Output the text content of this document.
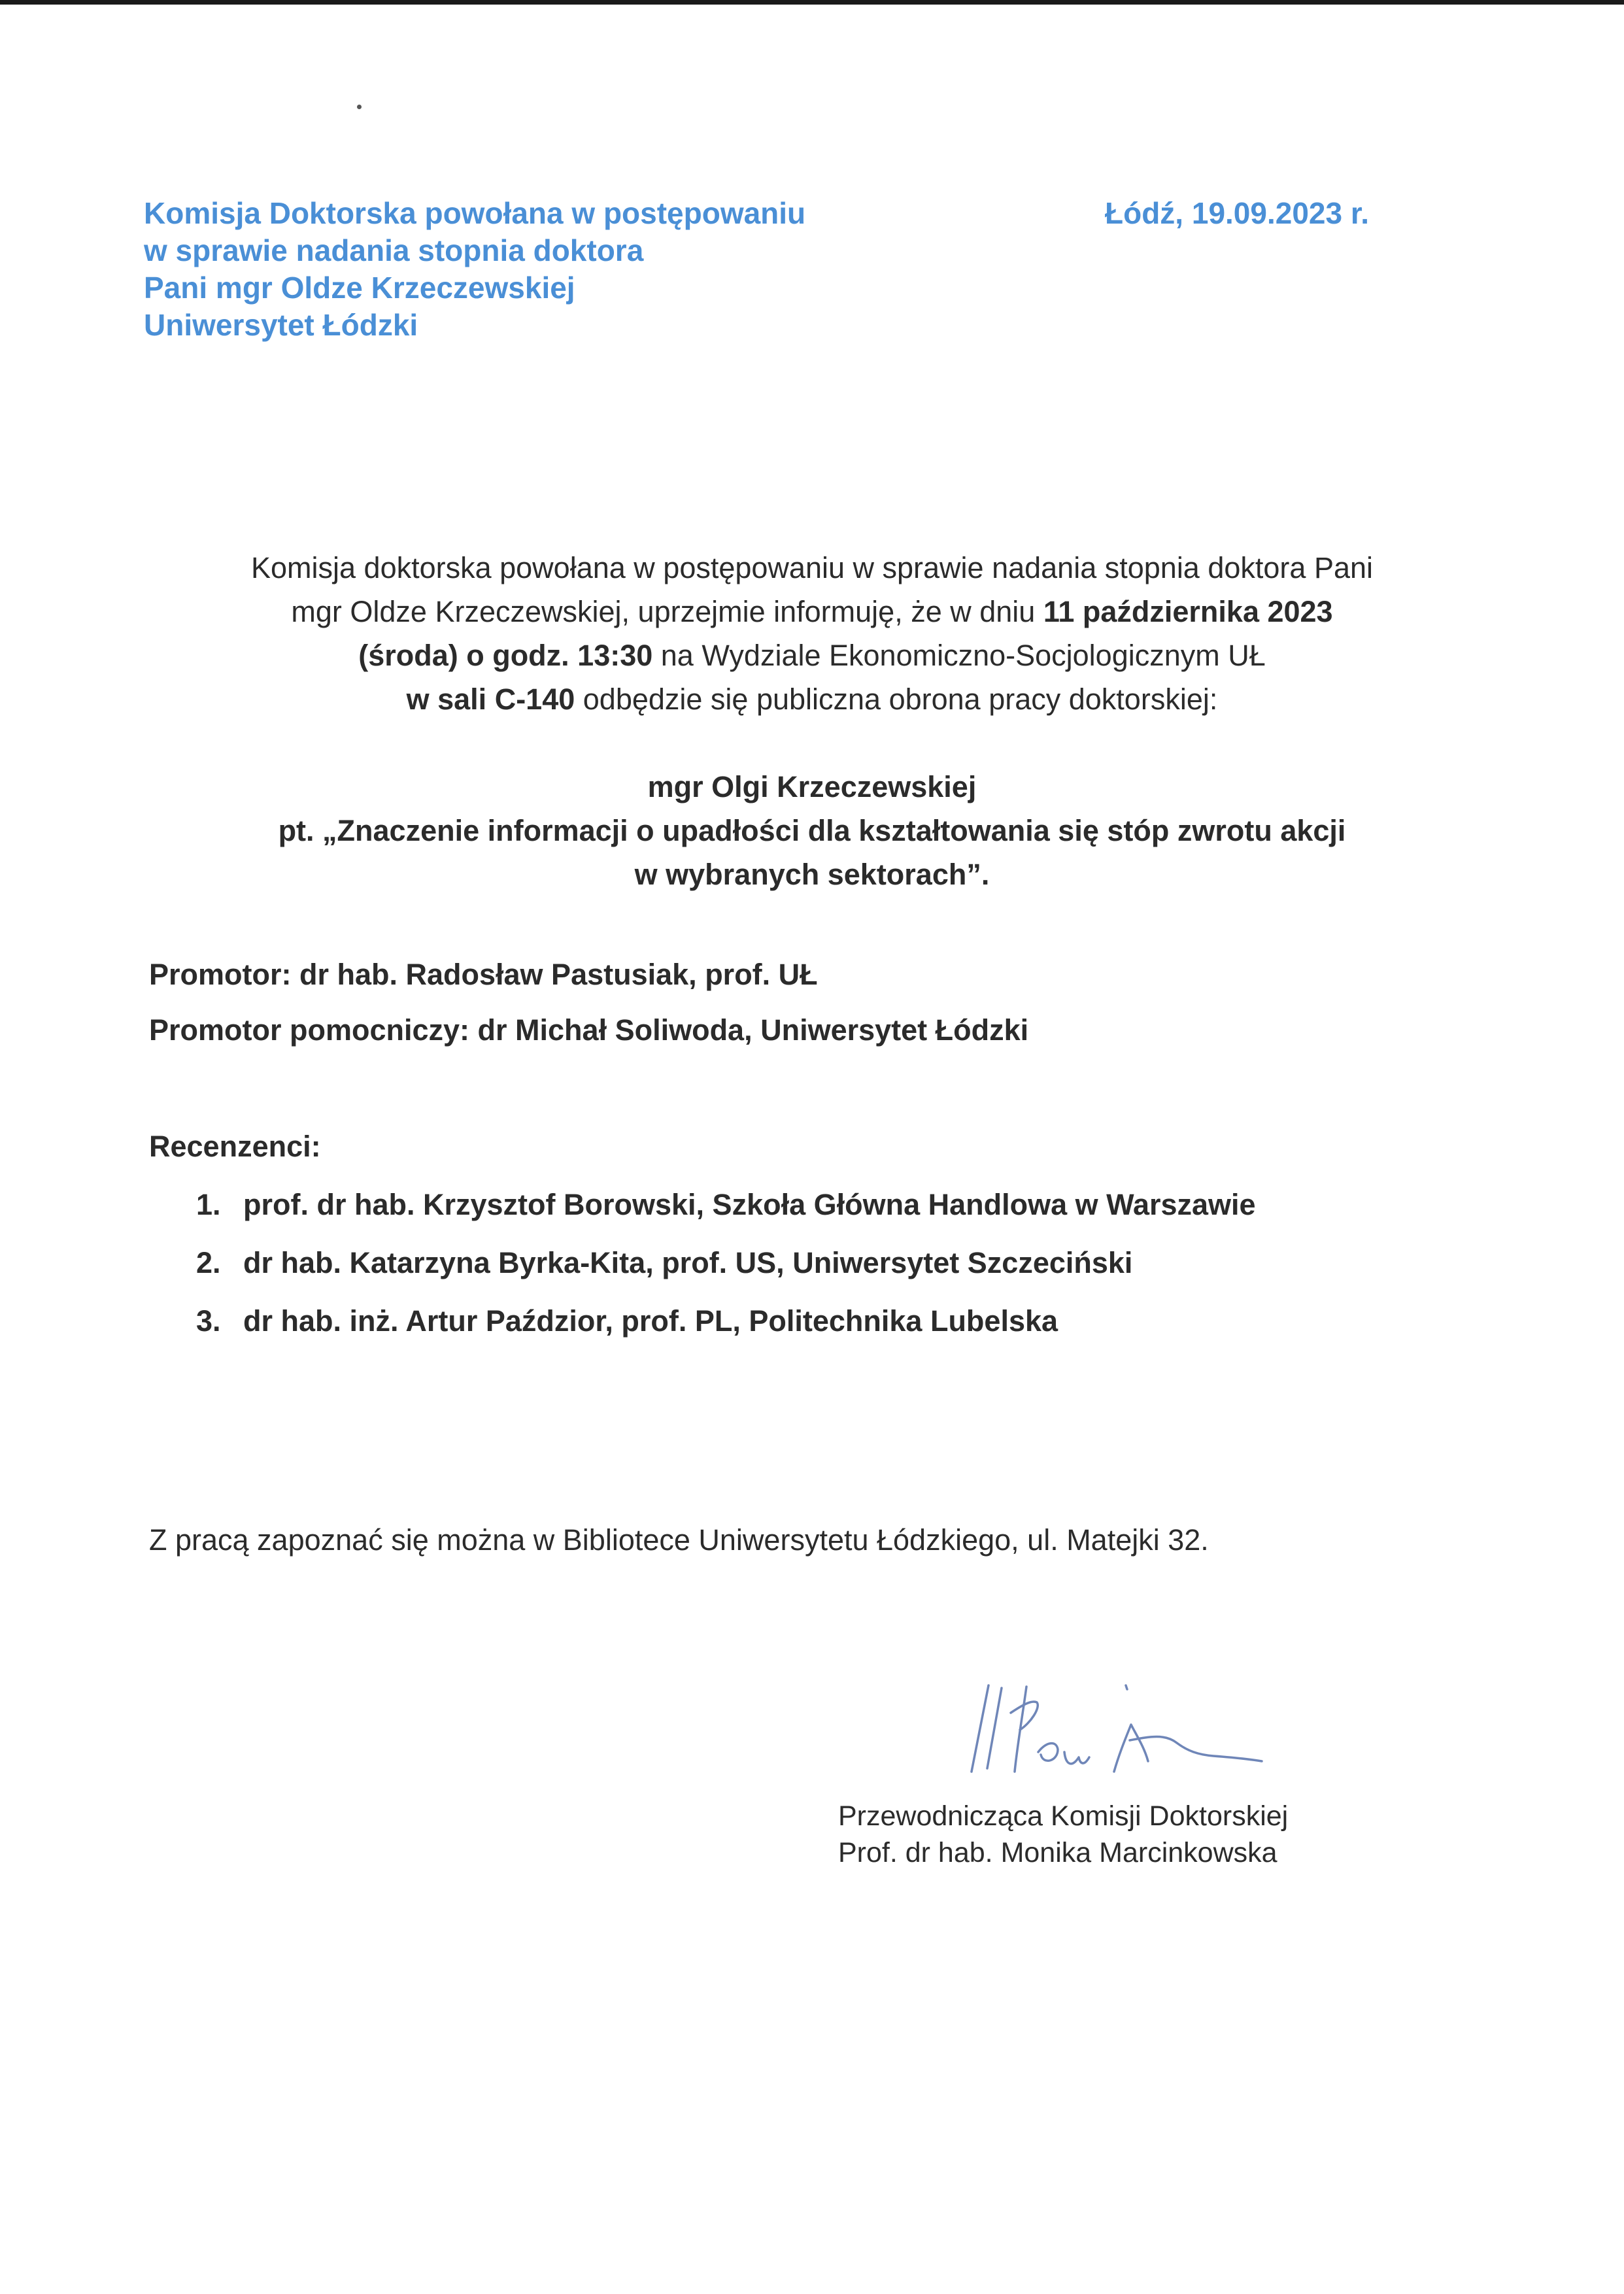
Komisja Doktorska powołana w postępowaniu
w sprawie nadania stopnia doktora
Pani mgr Oldze Krzeczewskiej
Uniwersytet Łódzki
Łódź, 19.09.2023 r.
Komisja doktorska powołana w postępowaniu w sprawie nadania stopnia doktora Pani
mgr Oldze Krzeczewskiej, uprzejmie informuję, że w dniu 11 października 2023
(środa) o godz. 13:30 na Wydziale Ekonomiczno-Socjologicznym UŁ
w sali C-140 odbędzie się publiczna obrona pracy doktorskiej:
mgr Olgi Krzeczewskiej
pt. „Znaczenie informacji o upadłości dla kształtowania się stóp zwrotu akcji
w wybranych sektorach”.
Promotor: dr hab. Radosław Pastusiak, prof. UŁ
Promotor pomocniczy: dr Michał Soliwoda, Uniwersytet Łódzki
Recenzenci:
1. prof. dr hab. Krzysztof Borowski, Szkoła Główna Handlowa w Warszawie
2. dr hab. Katarzyna Byrka-Kita, prof. US, Uniwersytet Szczeciński
3. dr hab. inż. Artur Paździor, prof. PL, Politechnika Lubelska
Z pracą zapoznać się można w Bibliotece Uniwersytetu Łódzkiego, ul. Matejki 32.
Przewodnicząca Komisji Doktorskiej
Prof. dr hab. Monika Marcinkowska
